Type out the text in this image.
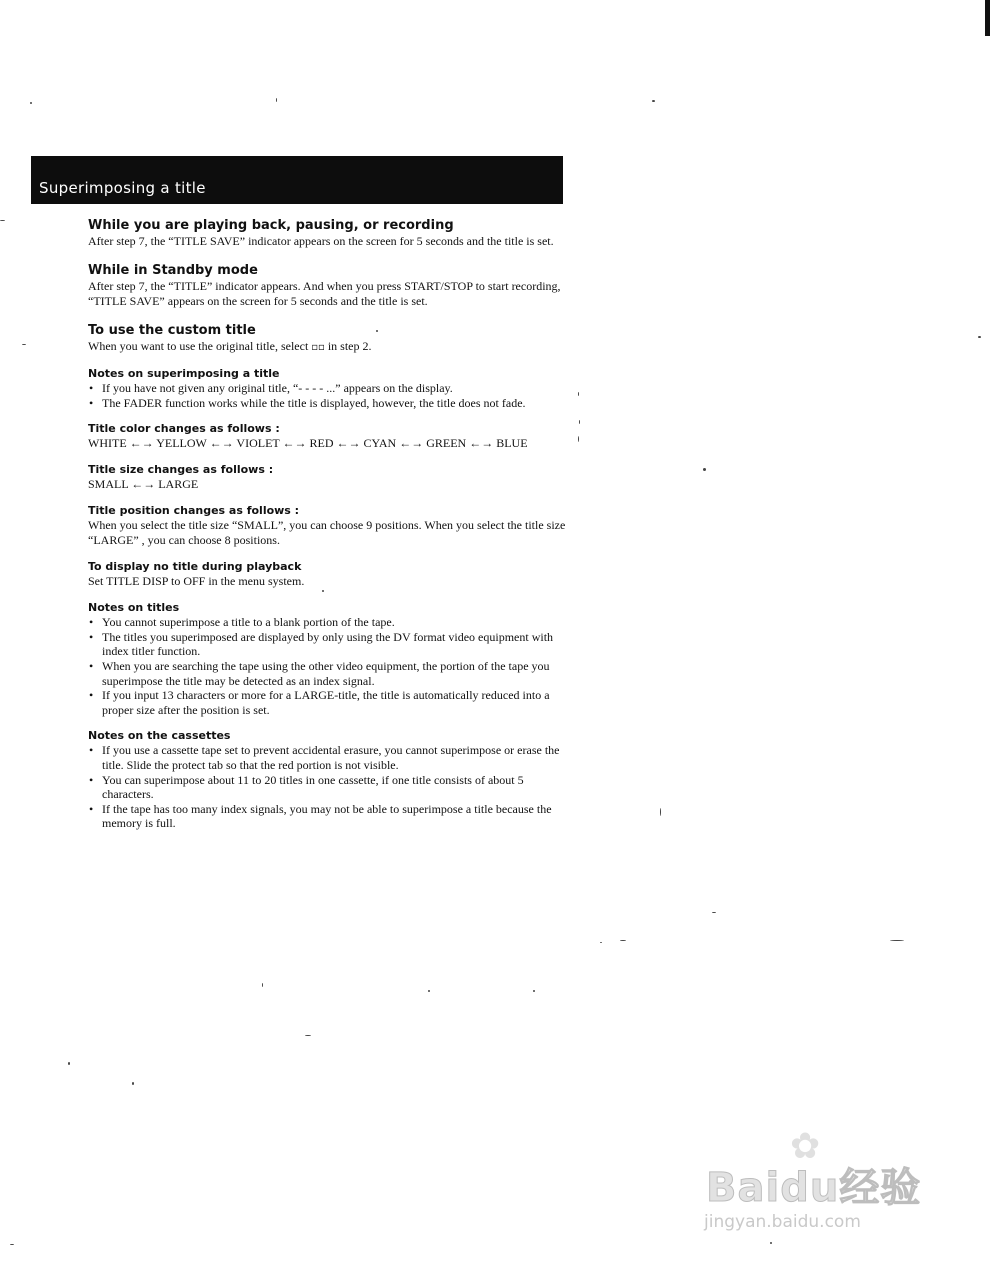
Superimposing a title

While you are playing back, pausing, or recording

After step 7, the “TITLE SAVE” indicator appears on the screen for 5 seconds and the title is set.

While in Standby mode

After step 7, the “TITLE” indicator appears. And when you press START/STOP to start recording, “TITLE SAVE” appears on the screen for 5 seconds and the title is set.

To use the custom title

When you want to use the original title, select ▫▫ in step 2.

Notes on superimposing a title

• If you have not given any original title, “- - - - ...” appears on the display.
• The FADER function works while the title is displayed, however, the title does not fade.

Title color changes as follows :

WHITE ←→ YELLOW ←→ VIOLET ←→ RED ←→ CYAN ←→ GREEN ←→ BLUE

Title size changes as follows :

SMALL ←→ LARGE

Title position changes as follows :

When you select the title size “SMALL”, you can choose 9 positions. When you select the title size “LARGE” , you can choose 8 positions.

To display no title during playback

Set TITLE DISP to OFF in the menu system.

Notes on titles

• You cannot superimpose a title to a blank portion of the tape.
• The titles you superimposed are displayed by only using the DV format video equipment with index titler function.
• When you are searching the tape using the other video equipment, the portion of the tape you superimpose the title may be detected as an index signal.
• If you input 13 characters or more for a LARGE-title, the title is automatically reduced into a proper size after the position is set.

Notes on the cassettes

• If you use a cassette tape set to prevent accidental erasure, you cannot superimpose or erase the title. Slide the protect tab so that the red portion is not visible.
• You can superimpose about 11 to 20 titles in one cassette, if one title consists of about 5 characters.
• If the tape has too many index signals, you may not be able to superimpose a title because the memory is full.
✿
Baidu经验
jingyan.baidu.com
